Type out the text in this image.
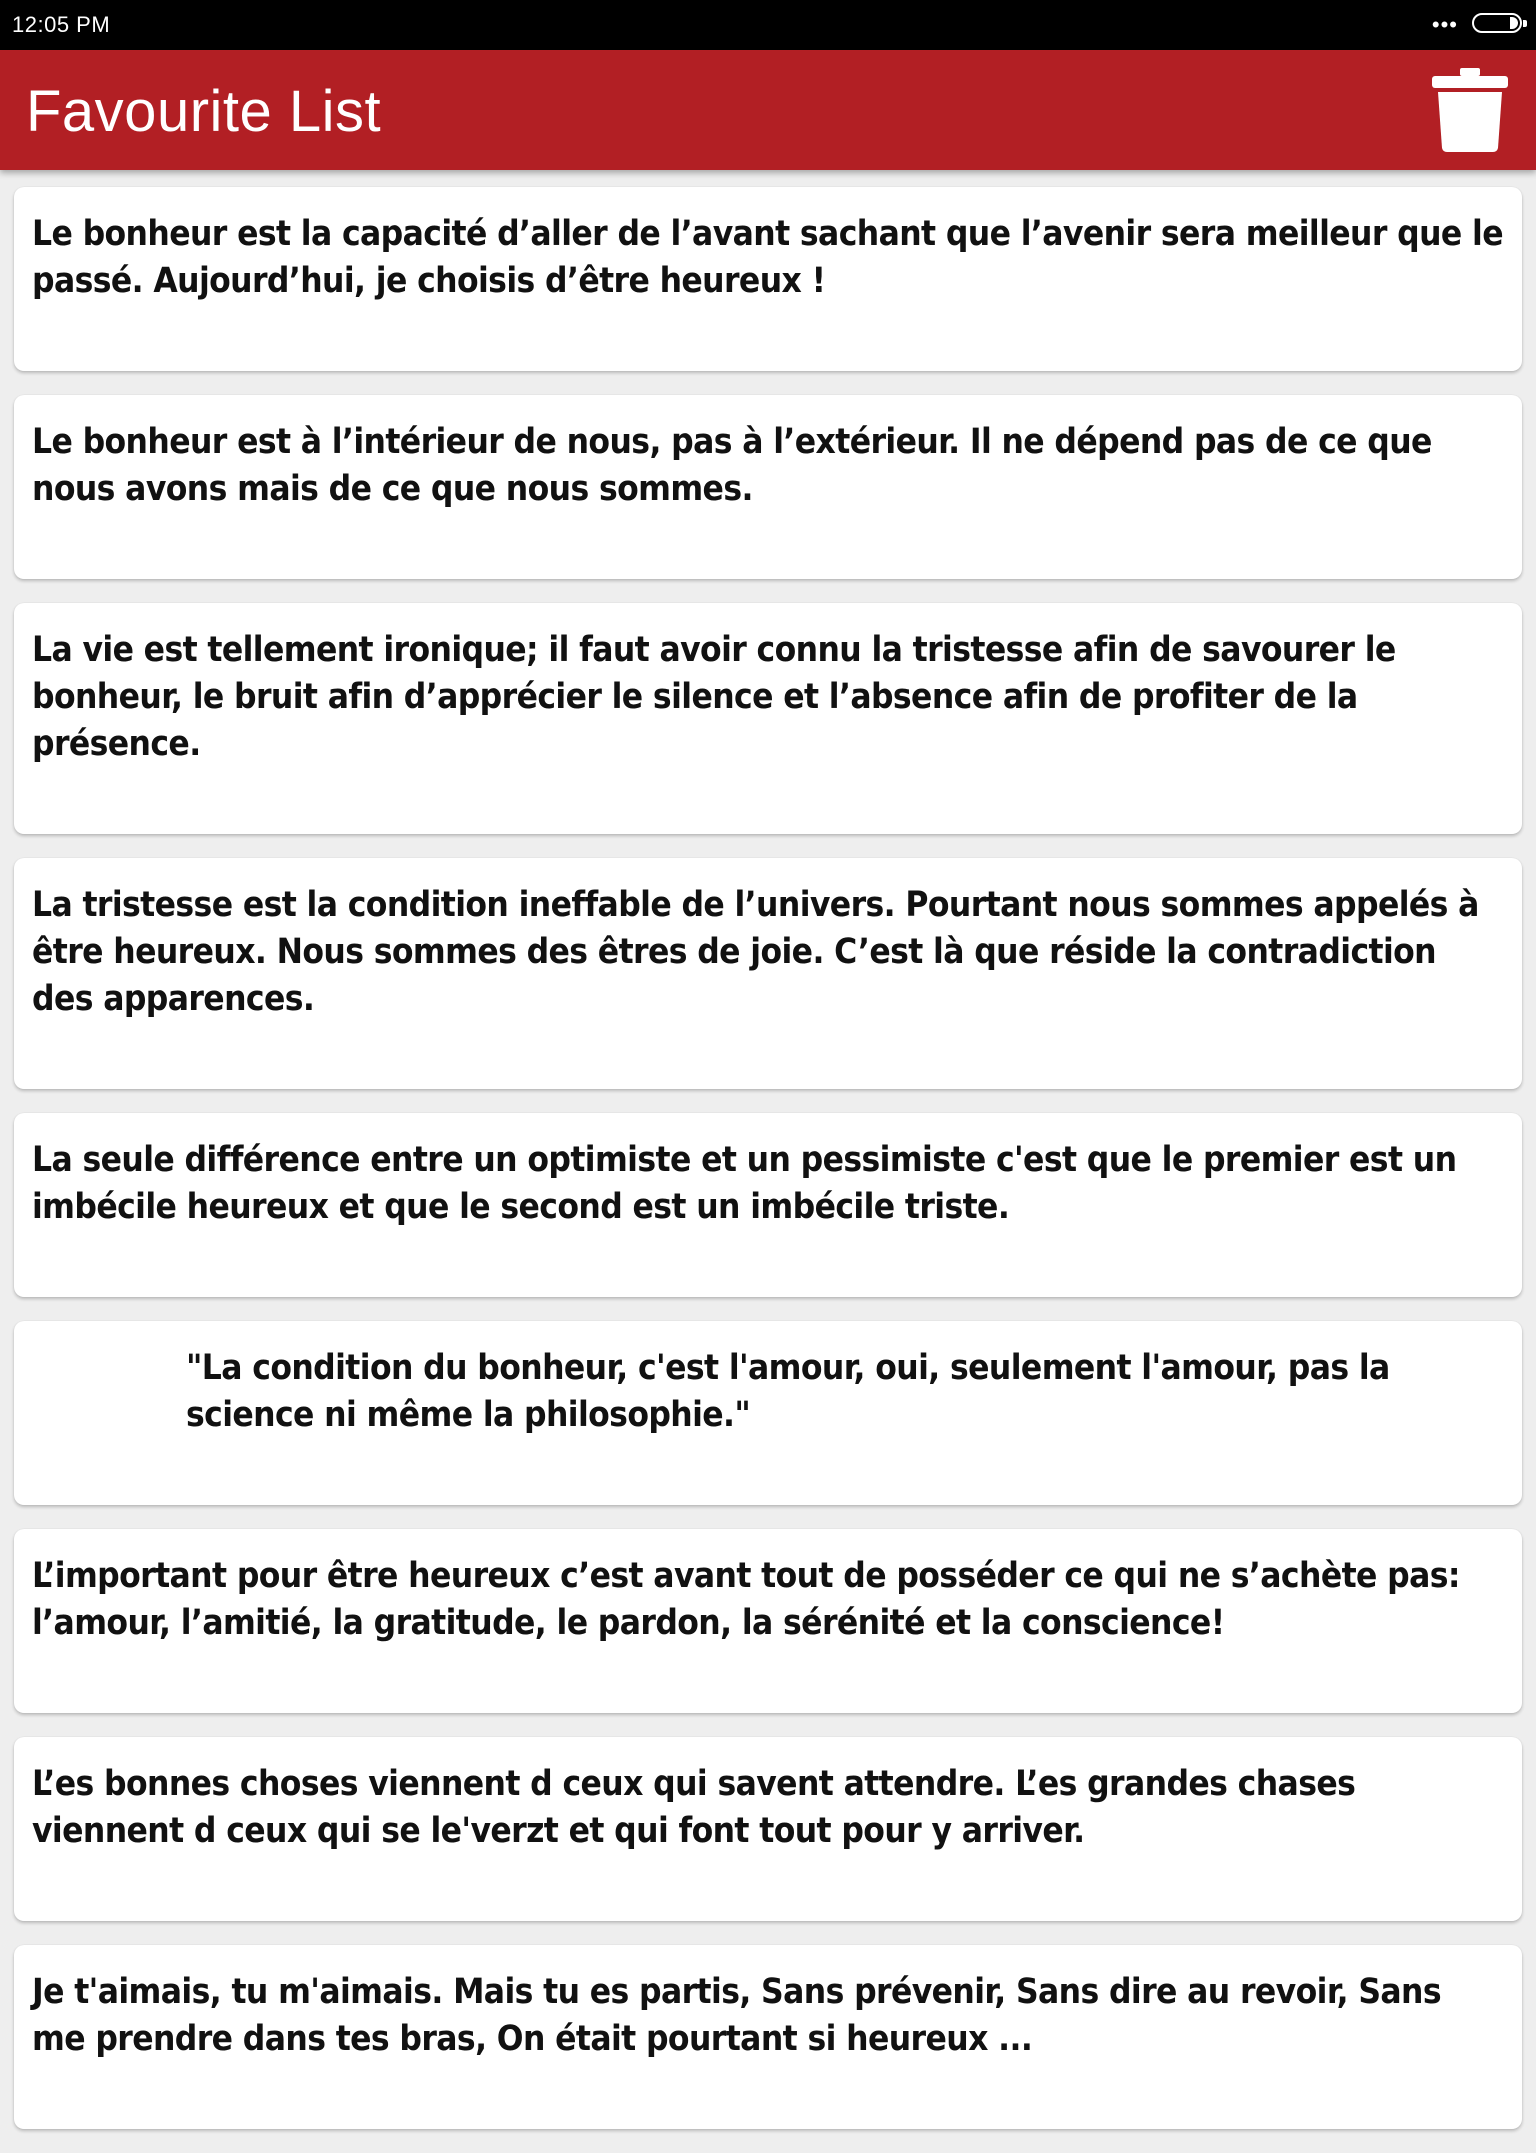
12:05 PM	•••
Favourite List
Le bonheur est la capacité d’aller de l’avant sachant que l’avenir sera meilleur que le passé. Aujourd’hui, je choisis d’être heureux !
Le bonheur est à l’intérieur de nous, pas à l’extérieur. Il ne dépend pas de ce que nous avons mais de ce que nous sommes.
La vie est tellement ironique; il faut avoir connu la tristesse afin de savourer le bonheur, le bruit afin d’apprécier le silence et l’absence afin de profiter de la présence.
La tristesse est la condition ineffable de l’univers. Pourtant nous sommes appelés à être heureux. Nous sommes des êtres de joie. C’est là que réside la contradiction des apparences.
La seule différence entre un optimiste et un pessimiste c'est que le premier est un imbécile heureux et que le second est un imbécile triste.
"La condition du bonheur, c'est l'amour, oui, seulement l'amour, pas la science ni même la philosophie."
L’important pour être heureux c’est avant tout de posséder ce qui ne s’achète pas: l’amour, l’amitié, la gratitude, le pardon, la sérénité et la conscience!
L’es bonnes choses viennent d ceux qui savent attendre. L’es grandes chases viennent d ceux qui se le'verzt et qui font tout pour y arriver.
Je t'aimais, tu m'aimais. Mais tu es partis, Sans prévenir, Sans dire au revoir, Sans me prendre dans tes bras, On était pourtant si heureux ...
